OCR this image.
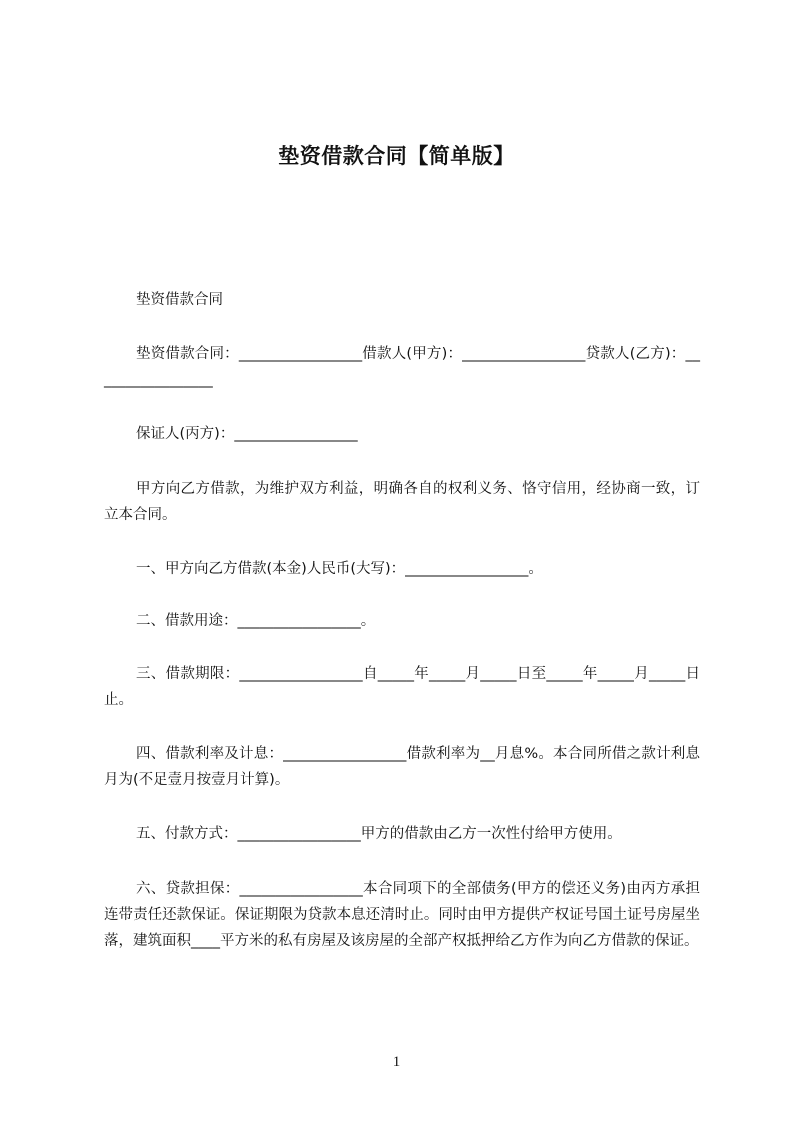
垫资借款合同【简单版】
垫资借款合同
垫资借款合同：_________________借款人(甲方)：_________________贷款人(乙方)：_________________
保证人(丙方)：_________________
甲方向乙方借款，为维护双方利益，明确各自的权利义务、恪守信用，经协商一致，订立本合同。
一、甲方向乙方借款(本金)人民币(大写)：_________________。
二、借款用途：_________________。
三、借款期限：_________________自_____年_____月_____日至_____年_____月_____日止。
四、借款利率及计息：_________________借款利率为__月息%。本合同所借之款计利息月为(不足壹月按壹月计算)。
五、付款方式：_________________甲方的借款由乙方一次性付给甲方使用。
六、贷款担保：_________________本合同项下的全部债务(甲方的偿还义务)由丙方承担连带责任还款保证。保证期限为贷款本息还清时止。同时由甲方提供产权证号国土证号房屋坐落，建筑面积____平方米的私有房屋及该房屋的全部产权抵押给乙方作为向乙方借款的保证。
1
